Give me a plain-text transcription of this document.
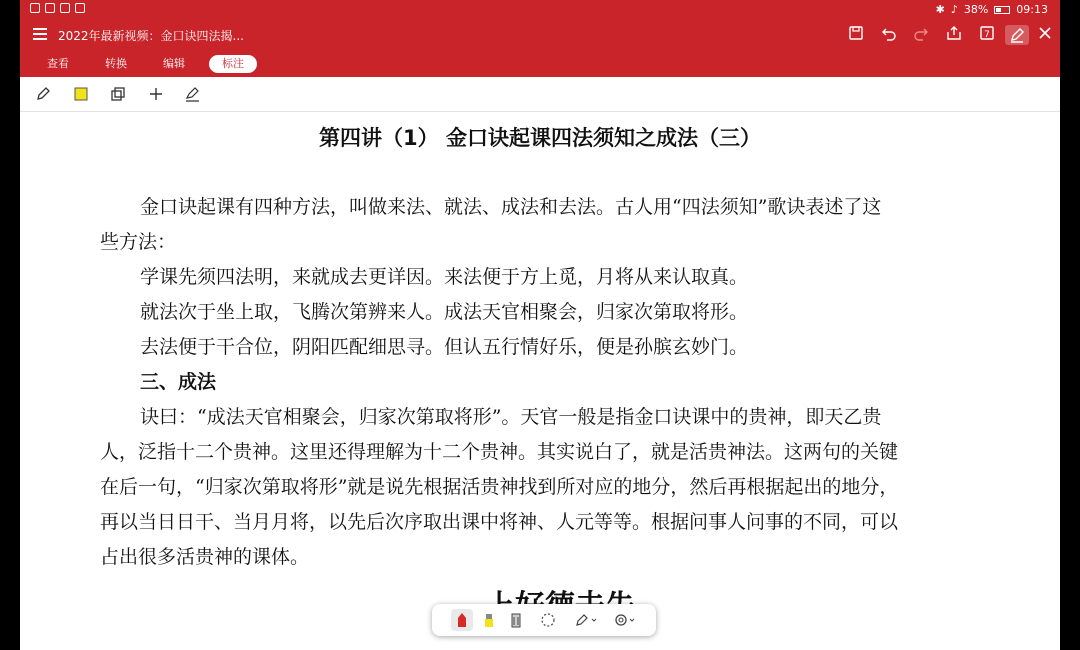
✱ ♪ 38%	09:13
2022年最新视频：金口诀四法揭...	7
查看	转换	编辑	标注
第四讲（1） 金口诀起课四法须知之成法（三）
金口诀起课有四种方法，叫做来法、就法、成法和去法。古人用“四法须知”歌诀表述了这
些方法：
学课先须四法明，来就成去更详因。来法便于方上觅，月将从来认取真。
就法次于坐上取，飞腾次第辨来人。成法天官相聚会，归家次第取将形。
去法便于干合位，阴阳匹配细思寻。但认五行情好乐，便是孙膑玄妙门。
三、成法
诀曰：“成法天官相聚会，归家次第取将形”。天官一般是指金口诀课中的贵神，即天乙贵
人，泛指十二个贵神。这里还得理解为十二个贵神。其实说白了，就是活贵神法。这两句的关键
在后一句，“归家次第取将形”就是说先根据活贵神找到所对应的地分，然后再根据起出的地分，
再以当日日干、当月月将，以先后次序取出课中将神、人元等等。根据问事人问事的不同，可以
占出很多活贵神的课体。
